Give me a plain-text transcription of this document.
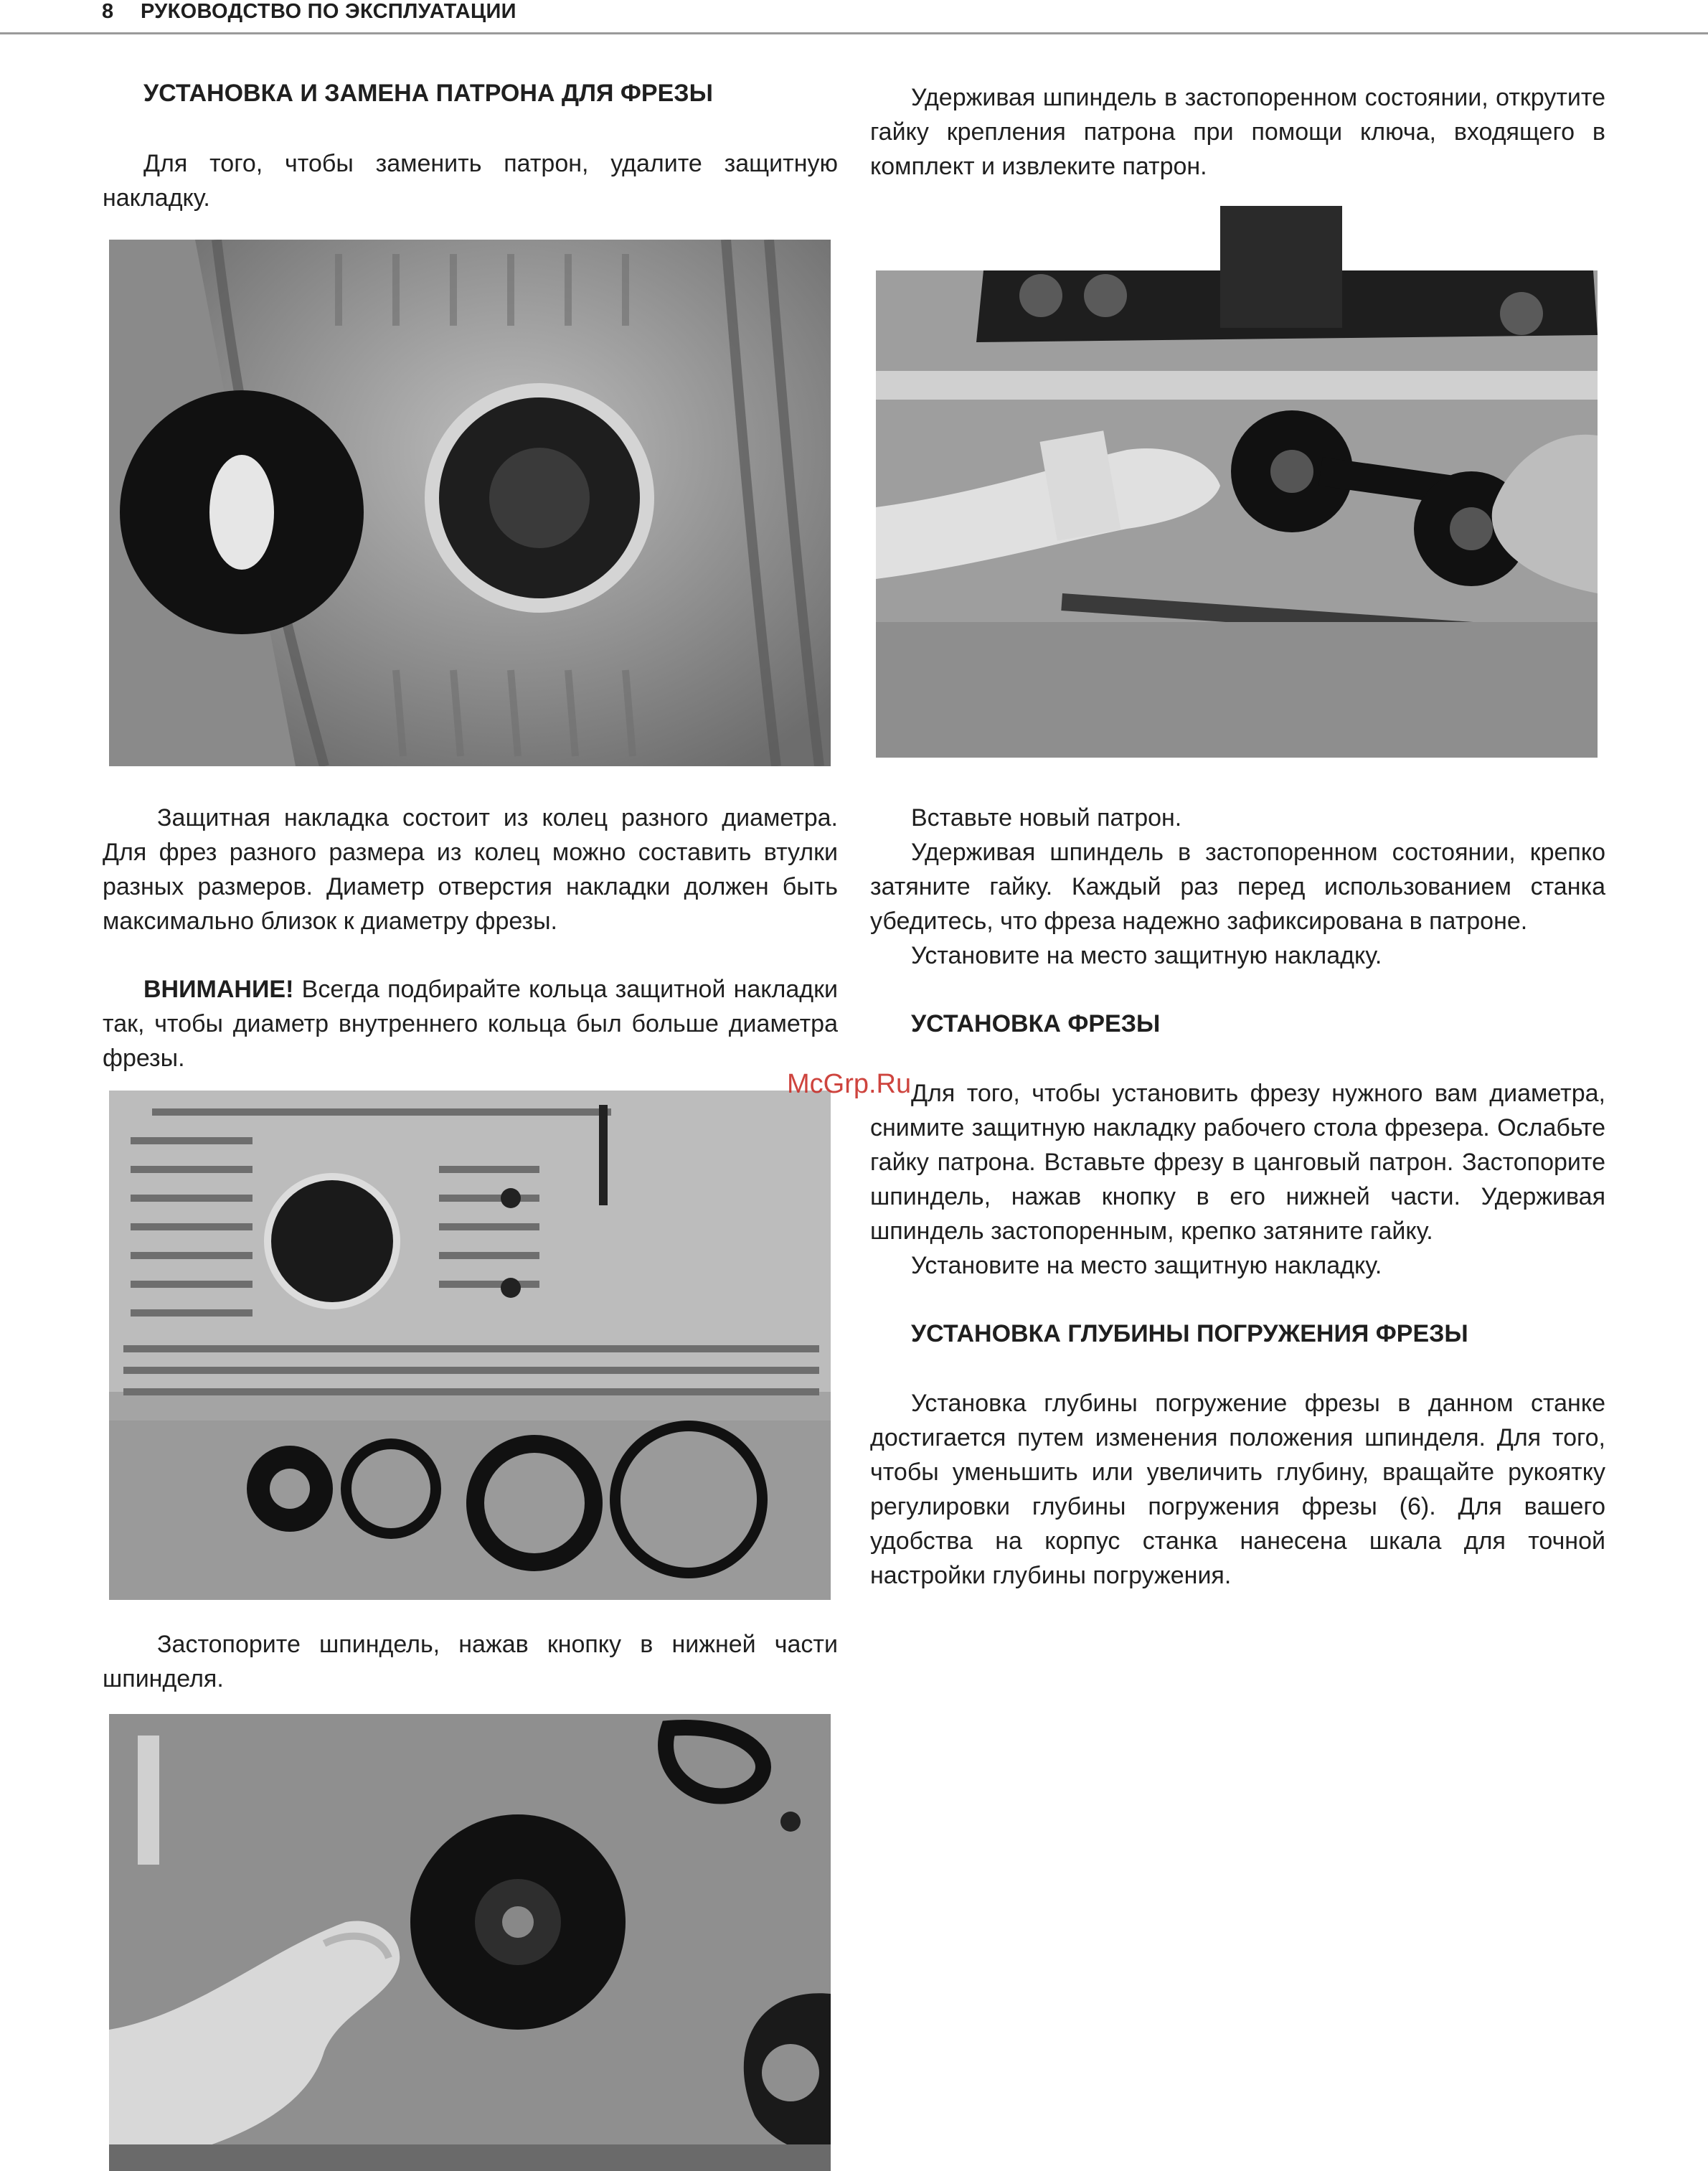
8 РУКОВОДСТВО ПО ЭКСПЛУАТАЦИИ
УСТАНОВКА И ЗАМЕНА ПАТРОНА ДЛЯ ФРЕЗЫ

Для того, чтобы заменить патрон, удалите защитную накладку.

Защитная накладка состоит из колец разного диаметра. Для фрез разного размера из колец можно составить втулки разных размеров. Диаметр отверстия накладки должен быть максимально близок к диаметру фрезы.

ВНИМАНИЕ! Всегда подбирайте кольца защитной накладки так, чтобы диаметр внутреннего кольца был больше диаметра фрезы.

Застопорите шпиндель, нажав кнопку в нижней части шпинделя.

Удерживая шпиндель в застопоренном состоянии, открутите гайку крепления патрона при помощи ключа, входящего в комплект и извлеките патрон.

Вставьте новый патрон.

Удерживая шпиндель в застопоренном состоянии, крепко затяните гайку. Каждый раз перед использованием станка убедитесь, что фреза надежно зафиксирована в патроне.

Установите на место защитную накладку.

УСТАНОВКА ФРЕЗЫ

Для того, чтобы установить фрезу нужного вам диаметра, снимите защитную накладку рабочего стола фрезера. Ослабьте гайку патрона. Вставьте фрезу в цанговый патрон. Застопорите шпиндель, нажав кнопку в его нижней части. Удерживая шпиндель застопоренным, крепко затяните гайку.

Установите на место защитную накладку.

УСТАНОВКА ГЛУБИНЫ ПОГРУЖЕНИЯ ФРЕЗЫ

Установка глубины погружение фрезы в данном станке достигается путем изменения положения шпинделя. Для того, чтобы уменьшить или увеличить глубину, вращайте рукоятку регулировки глубины погружения фрезы (6). Для вашего удобства на корпус станка нанесена шкала для точной настройки глубины погружения.

McGrp.Ru
